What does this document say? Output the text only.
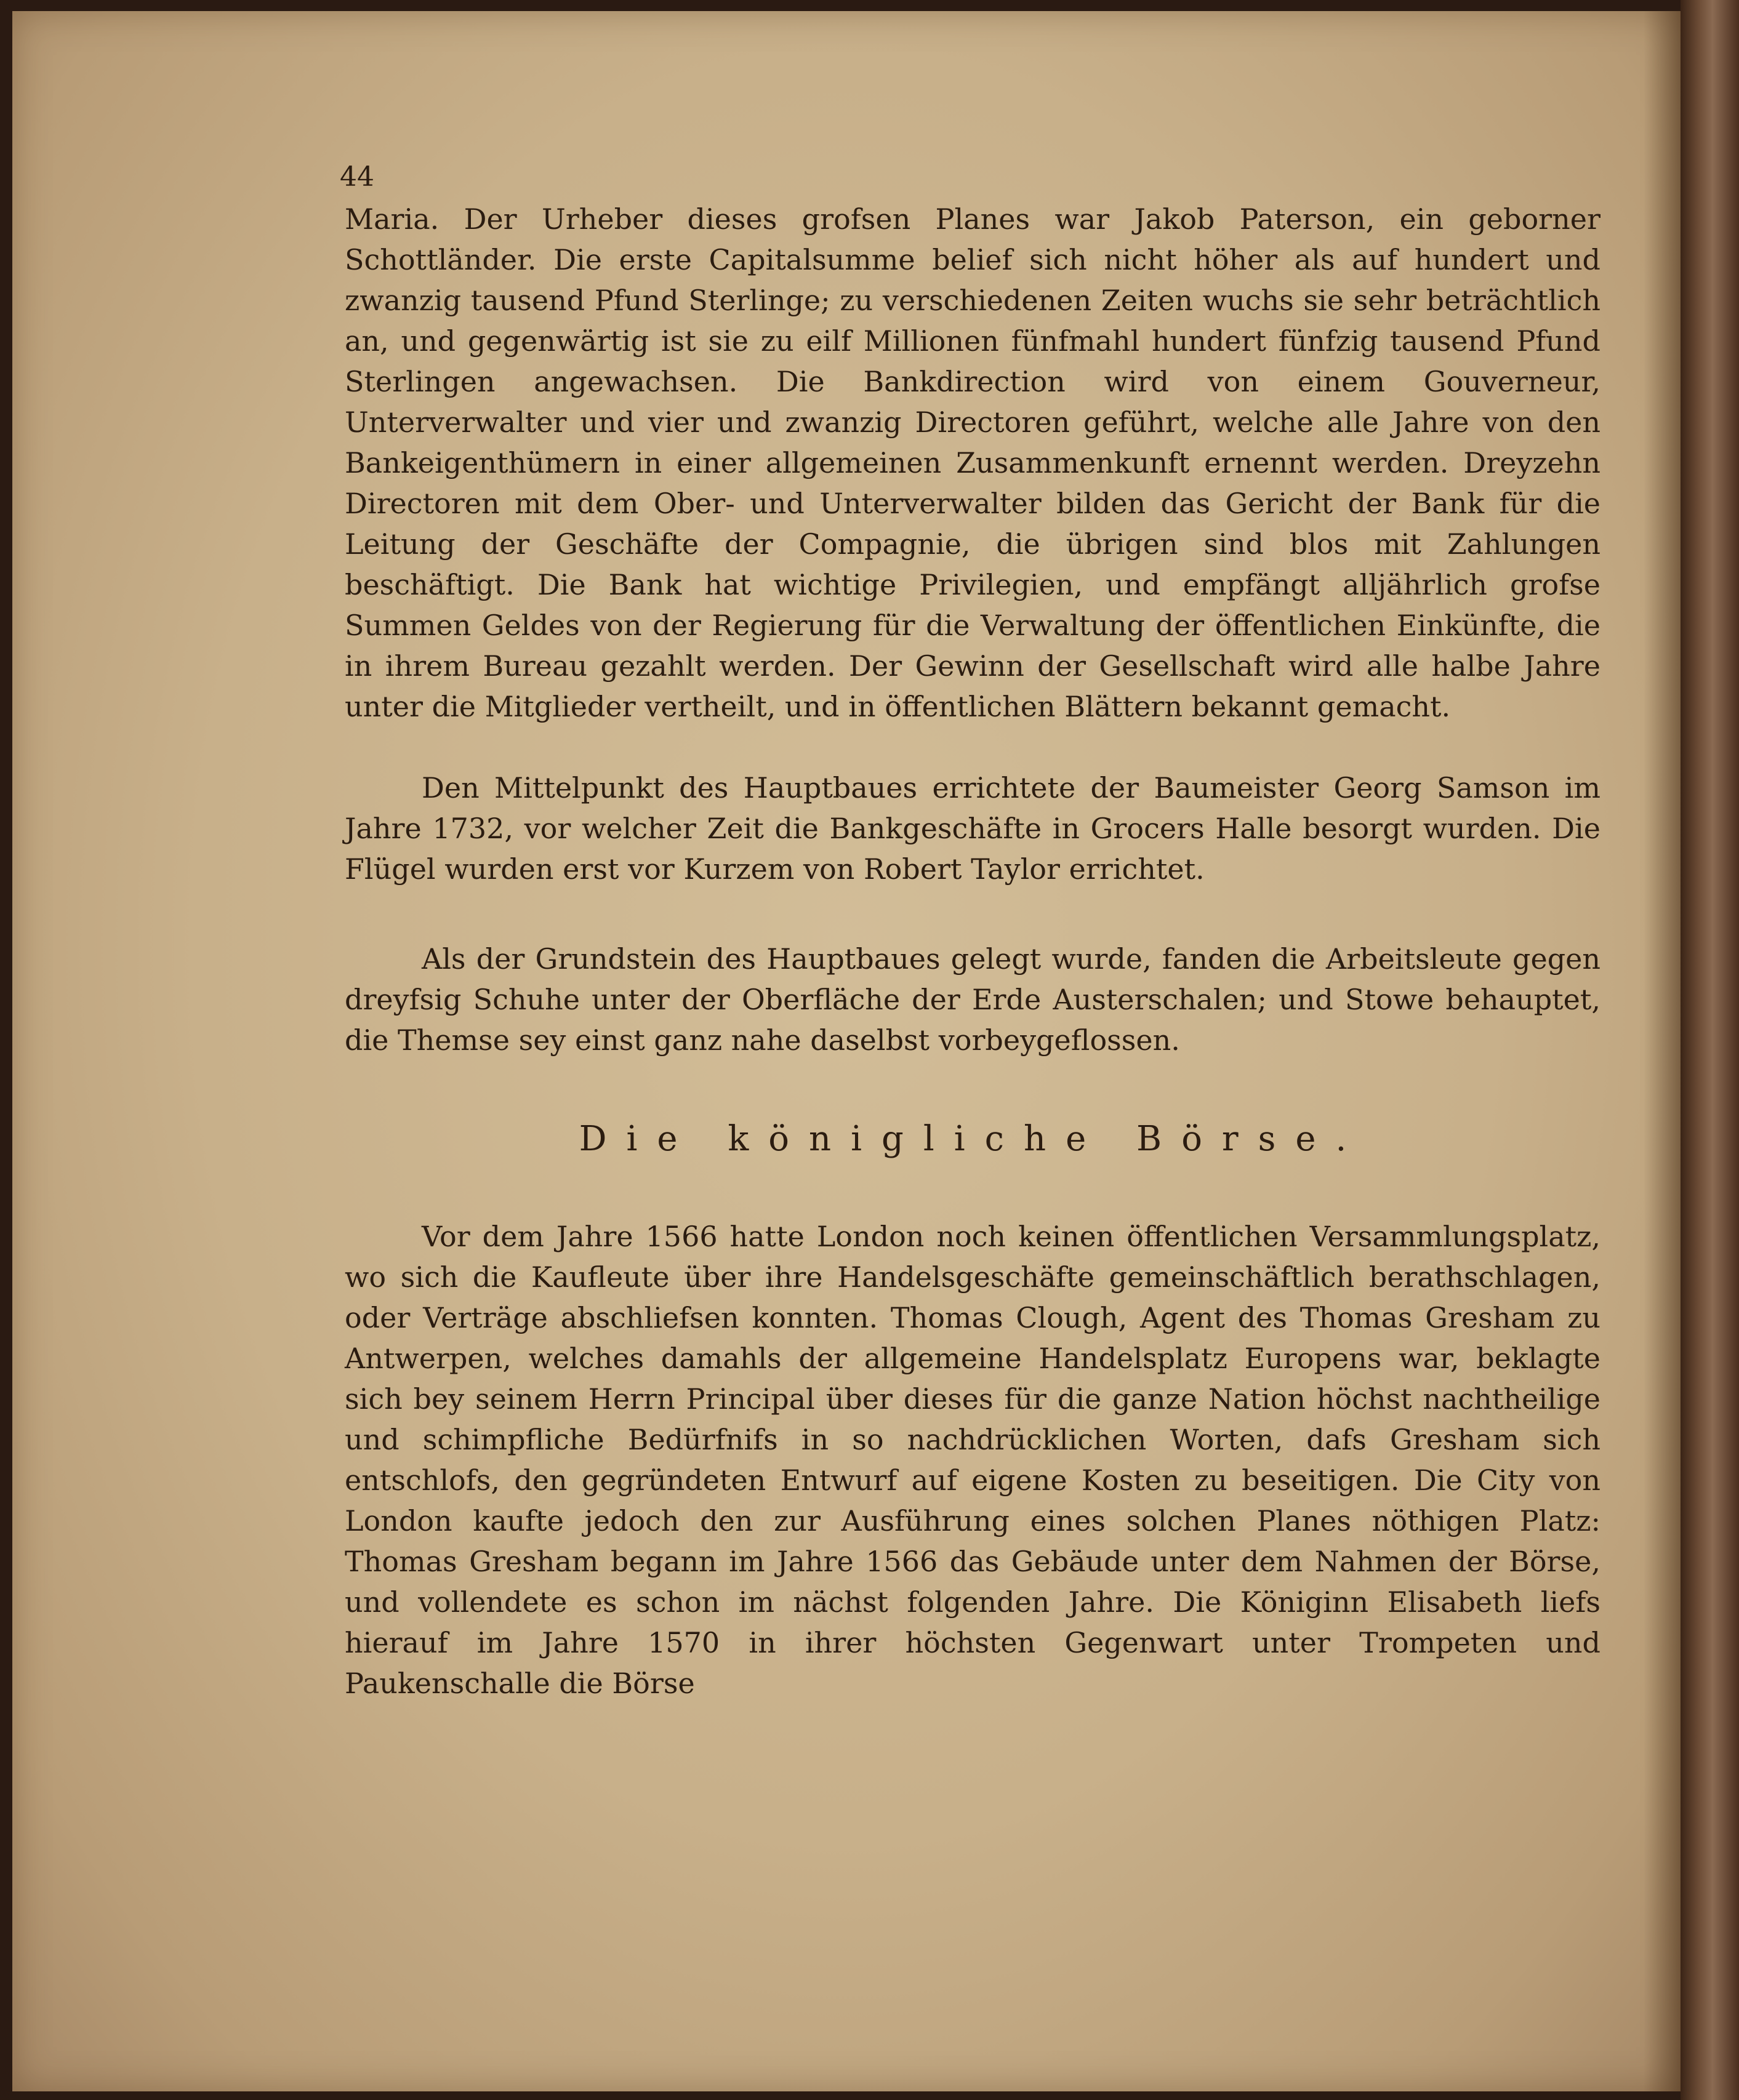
44

Maria. Der Urheber dieses grofsen Planes war Jakob Paterson, ein geborner Schottländer. Die erste Capitalsumme belief sich nicht höher als auf hundert und zwanzig tausend Pfund Sterlinge; zu verschiedenen Zeiten wuchs sie sehr beträchtlich an, und gegenwärtig ist sie zu eilf Millionen fünfmahl hundert fünfzig tausend Pfund Sterlingen angewachsen. Die Bankdirection wird von einem Gouverneur, Unterverwalter und vier und zwanzig Directoren geführt, welche alle Jahre von den Bankeigenthümern in einer allgemeinen Zusammenkunft ernennt werden. Dreyzehn Directoren mit dem Ober- und Unterverwalter bilden das Gericht der Bank für die Leitung der Geschäfte der Compagnie, die übrigen sind blos mit Zahlungen beschäftigt. Die Bank hat wichtige Privilegien, und empfängt alljährlich grofse Summen Geldes von der Regierung für die Verwaltung der öffentlichen Einkünfte, die in ihrem Bureau gezahlt werden. Der Gewinn der Gesellschaft wird alle halbe Jahre unter die Mitglieder vertheilt, und in öffentlichen Blättern bekannt gemacht.

Den Mittelpunkt des Hauptbaues errichtete der Baumeister Georg Samson im Jahre 1732, vor welcher Zeit die Bankgeschäfte in Grocers Halle besorgt wurden. Die Flügel wurden erst vor Kurzem von Robert Taylor errichtet.

Als der Grundstein des Hauptbaues gelegt wurde, fanden die Arbeitsleute gegen dreyfsig Schuhe unter der Oberfläche der Erde Austerschalen; und Stowe behauptet, die Themse sey einst ganz nahe daselbst vorbeygeflossen.

Die königliche Börse.

Vor dem Jahre 1566 hatte London noch keinen öffentlichen Versammlungsplatz, wo sich die Kaufleute über ihre Handelsgeschäfte gemeinschäftlich berathschlagen, oder Verträge abschliefsen konnten. Thomas Clough, Agent des Thomas Gresham zu Antwerpen, welches damahls der allgemeine Handelsplatz Europens war, beklagte sich bey seinem Herrn Principal über dieses für die ganze Nation höchst nachtheilige und schimpfliche Bedürfnifs in so nachdrücklichen Worten, dafs Gresham sich entschlofs, den gegründeten Entwurf auf eigene Kosten zu beseitigen. Die City von London kaufte jedoch den zur Ausführung eines solchen Planes nöthigen Platz: Thomas Gresham begann im Jahre 1566 das Gebäude unter dem Nahmen der Börse, und vollendete es schon im nächst folgenden Jahre. Die Königinn Elisabeth liefs hierauf im Jahre 1570 in ihrer höchsten Gegenwart unter Trompeten und Paukenschalle die Börse
